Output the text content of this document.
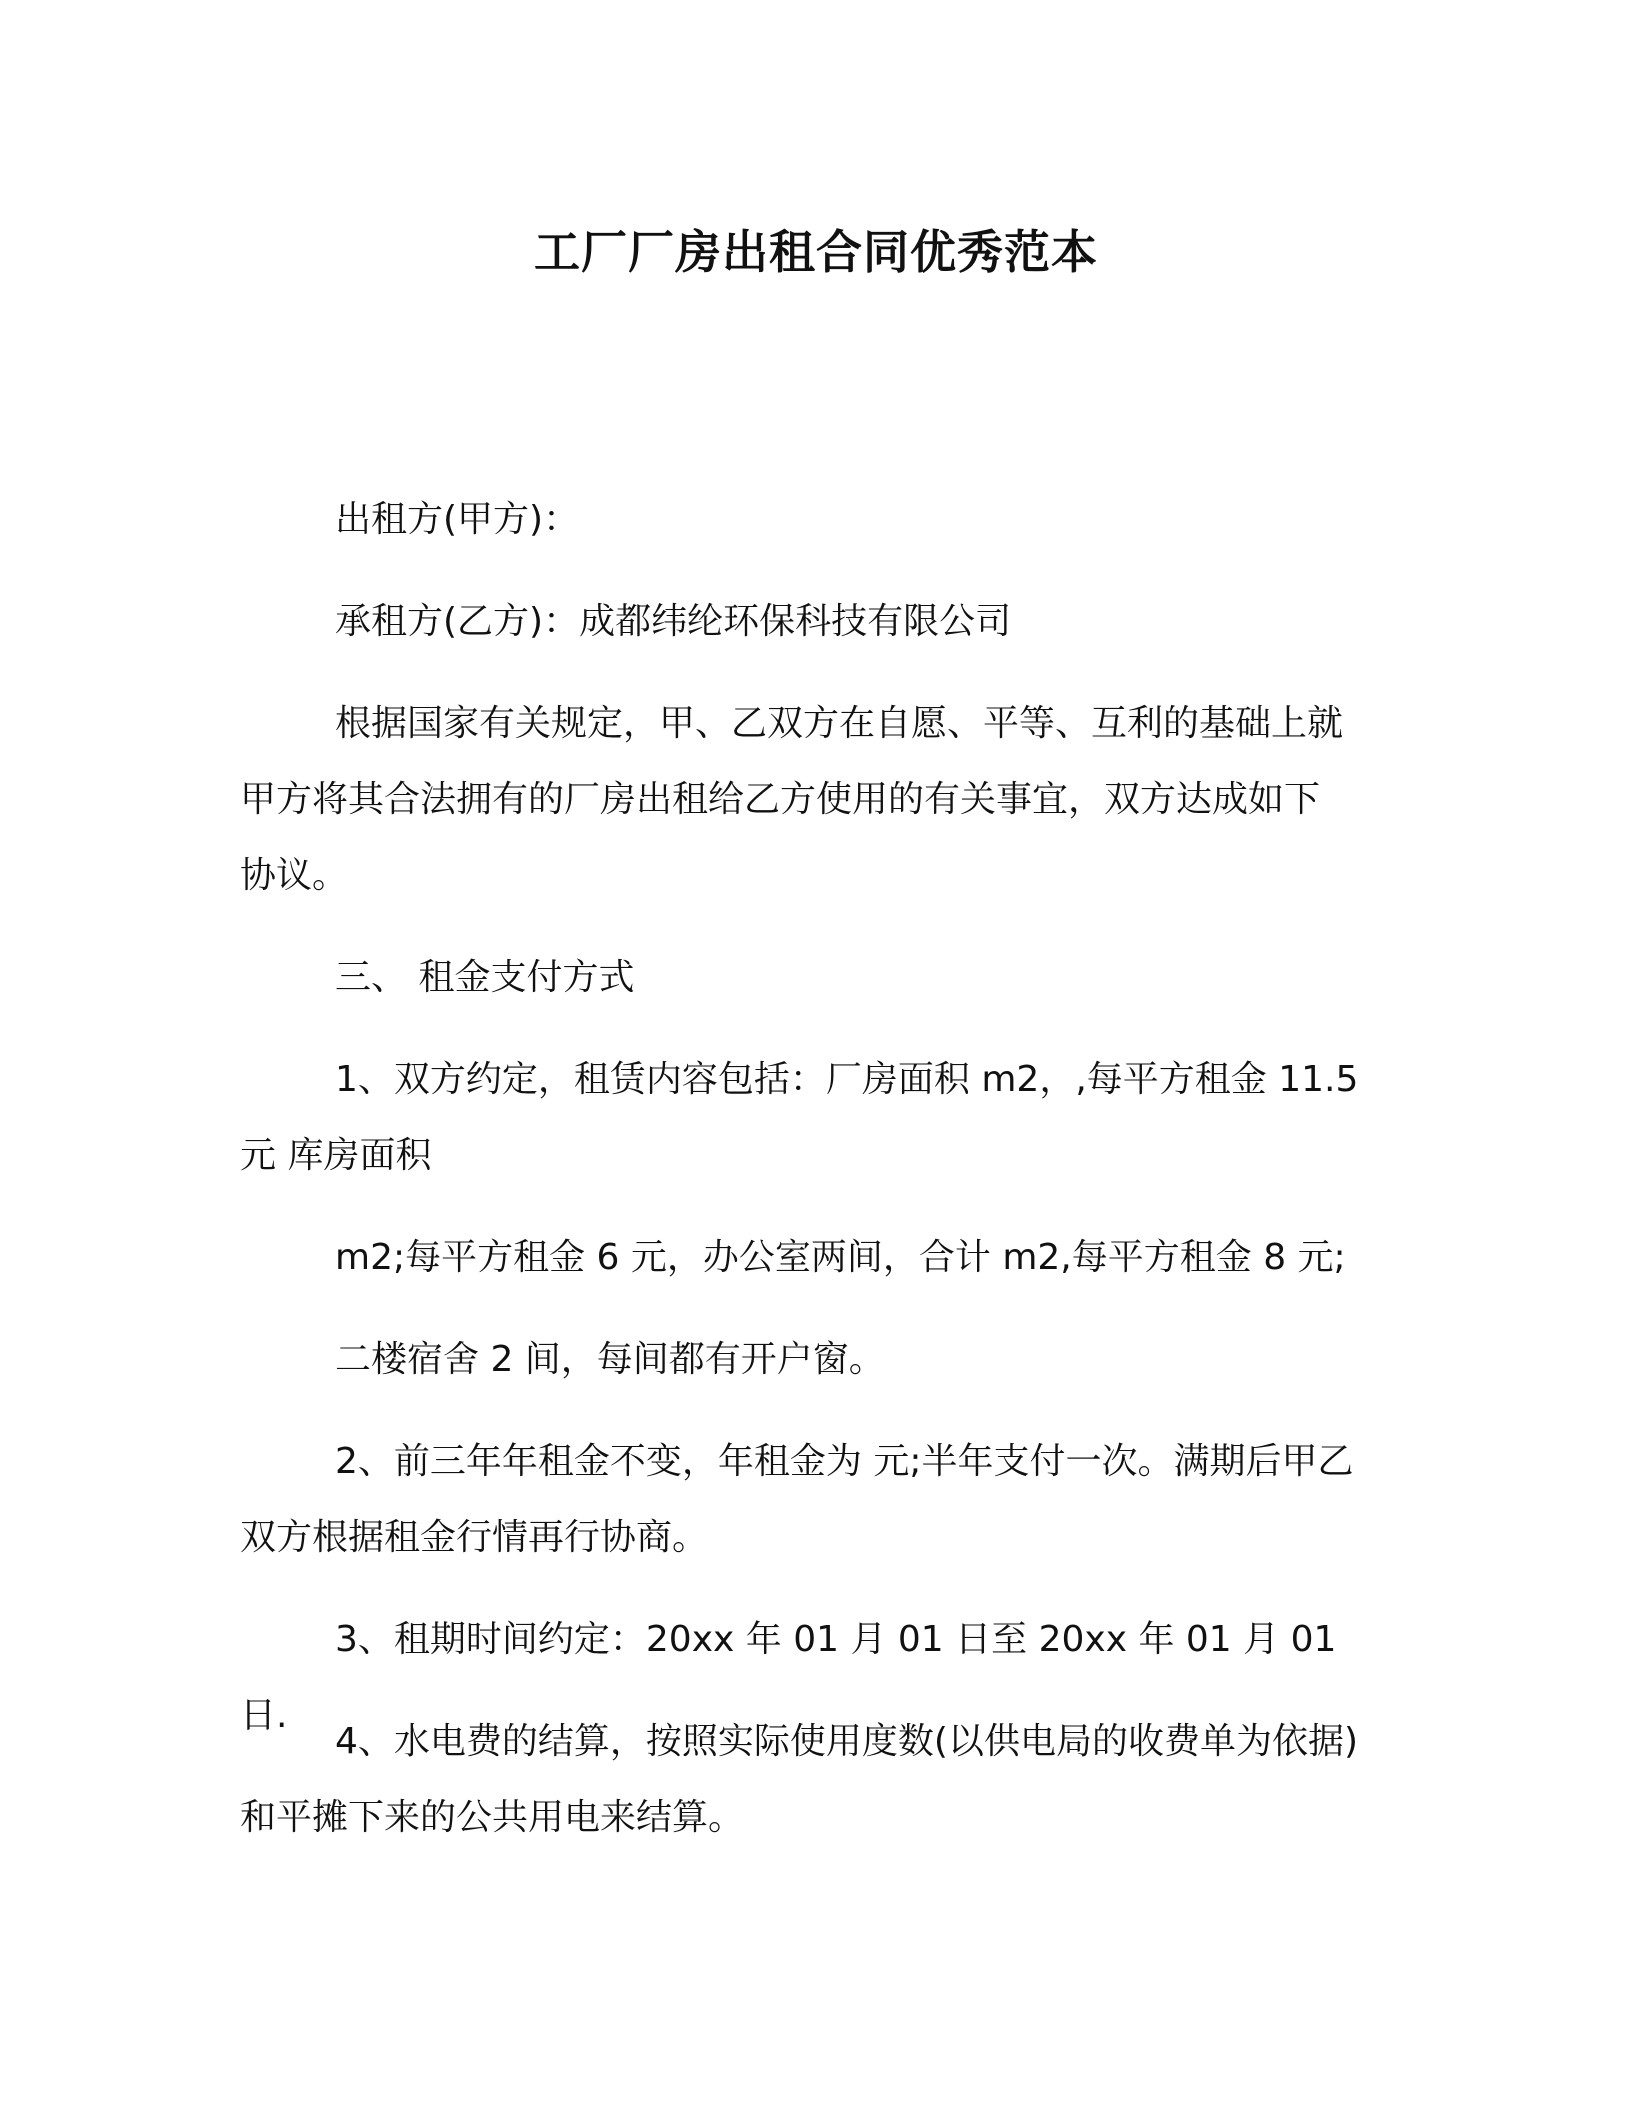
工厂厂房出租合同优秀范本

出租方(甲方)：

承租方(乙方)：成都纬纶环保科技有限公司

根据国家有关规定，甲、乙双方在自愿、平等、互利的基础上就

甲方将其合法拥有的厂房出租给乙方使用的有关事宜，双方达成如下

协议。

三、 租金支付方式

1、双方约定，租赁内容包括：厂房面积 m2，,每平方租金 11.5

元 库房面积

m2;每平方租金 6 元，办公室两间，合计 m2,每平方租金 8 元;

二楼宿舍 2 间，每间都有开户窗。

2、前三年年租金不变，年租金为 元;半年支付一次。满期后甲乙

双方根据租金行情再行协商。

3、租期时间约定：20xx 年 01 月 01 日至 20xx 年 01 月 01 日.

4、水电费的结算，按照实际使用度数(以供电局的收费单为依据)

和平摊下来的公共用电来结算。
